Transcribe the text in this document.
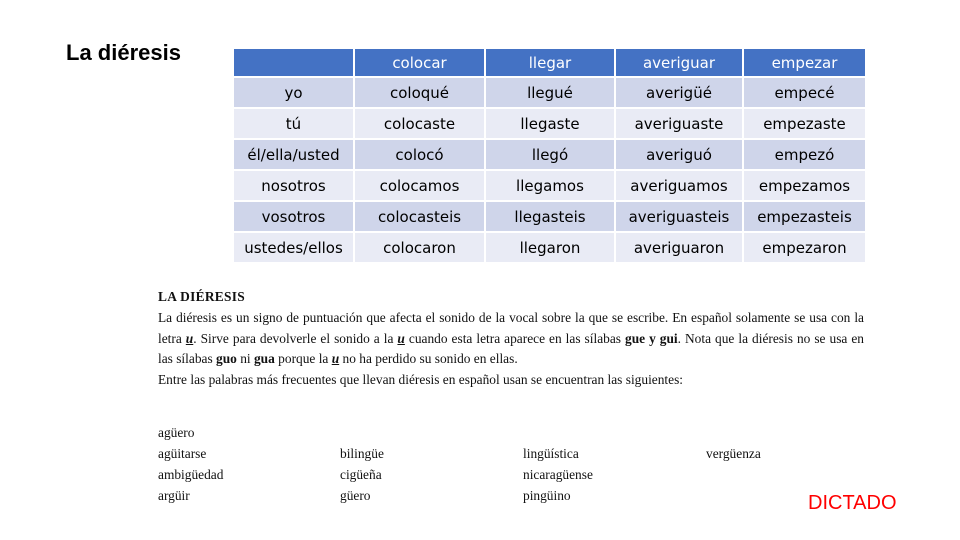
La diéresis
		colocar	llegar	averiguar	empezar
yo	coloqué	llegué	averigüé	empecé
tú	colocaste	llegaste	averiguaste	empezaste
él/ella/usted	colocó	llegó	averiguó	empezó
nosotros	colocamos	llegamos	averiguamos	empezamos
vosotros	colocasteis	llegasteis	averiguasteis	empezasteis
ustedes/ellos	colocaron	llegaron	averiguaron	empezaron
LA DIÉRESIS

La diéresis es un signo de puntuación que afecta el sonido de la vocal sobre la que se escribe. En español solamente se usa con la letra u. Sirve para devolverle el sonido a la u cuando esta letra aparece en las sílabas gue y gui. Nota que la diéresis no se usa en las sílabas guo ni gua porque la u no ha perdido su sonido en ellas.

Entre las palabras más frecuentes que llevan diéresis en español usan se encuentran las siguientes:

agüero
agüitarse	bilingüe	lingüística	vergüenza
ambigüedad	cigüeña	nicaragüense
argüir	güero	pingüino	DICTADO
